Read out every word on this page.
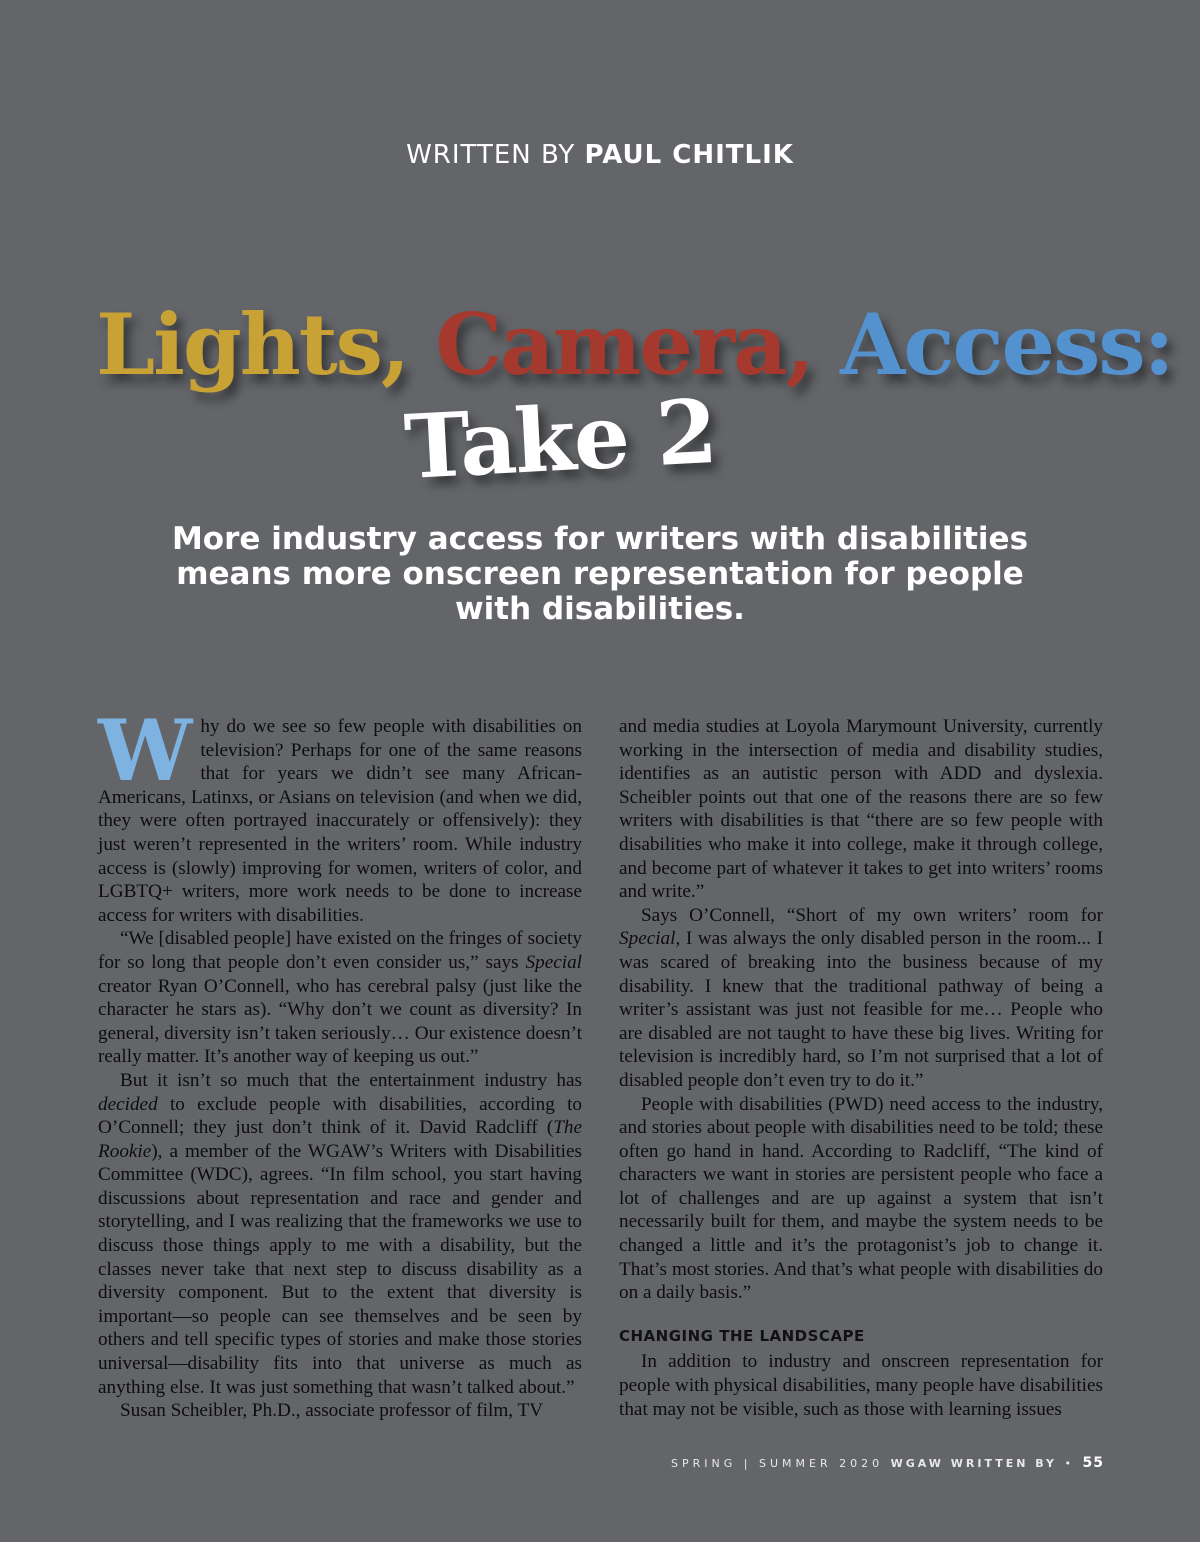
WRITTEN BY PAUL CHITLIK
Lights, Camera, Access:
Take 2
More industry access for writers with disabilities means more onscreen representation for people with disabilities.

Why do we see so few people with disabilities on television? Perhaps for one of the same reasons that for years we didn’t see many African-Americans, Latinxs, or Asians on television (and when we did, they were often portrayed inaccurately or offensively): they just weren’t represented in the writers’ room. While industry access is (slowly) improving for women, writers of color, and LGBTQ+ writers, more work needs to be done to increase access for writers with disabilities.

“We [disabled people] have existed on the fringes of society for so long that people don’t even consider us,” says Special creator Ryan O’Connell, who has cerebral palsy (just like the character he stars as). “Why don’t we count as diversity? In general, diversity isn’t taken seriously… Our existence doesn’t really matter. It’s another way of keeping us out.”

But it isn’t so much that the entertainment industry has decided to exclude people with disabilities, according to O’Connell; they just don’t think of it. David Radcliff (The Rookie), a member of the WGAW’s Writers with Disabilities Committee (WDC), agrees. “In film school, you start having discussions about representation and race and gender and storytelling, and I was realizing that the frameworks we use to discuss those things apply to me with a disability, but the classes never take that next step to discuss disability as a diversity component. But to the extent that diversity is important—so people can see themselves and be seen by others and tell specific types of stories and make those stories universal—disability fits into that universe as much as anything else. It was just something that wasn’t talked about.”

Susan Scheibler, Ph.D., associate professor of film, TV

and media studies at Loyola Marymount University, currently working in the intersection of media and disability studies, identifies as an autistic person with ADD and dyslexia. Scheibler points out that one of the reasons there are so few writers with disabilities is that “there are so few people with disabilities who make it into college, make it through college, and become part of whatever it takes to get into writers’ rooms and write.”

Says O’Connell, “Short of my own writers’ room for Special, I was always the only disabled person in the room... I was scared of breaking into the business because of my disability. I knew that the traditional pathway of being a writer’s assistant was just not feasible for me… People who are disabled are not taught to have these big lives. Writing for television is incredibly hard, so I’m not surprised that a lot of disabled people don’t even try to do it.”

People with disabilities (PWD) need access to the industry, and stories about people with disabilities need to be told; these often go hand in hand. According to Radcliff, “The kind of characters we want in stories are persistent people who face a lot of challenges and are up against a system that isn’t necessarily built for them, and maybe the system needs to be changed a little and it’s the protagonist’s job to change it. That’s most stories. And that’s what people with disabilities do on a daily basis.”

CHANGING THE LANDSCAPE

In addition to industry and onscreen representation for people with physical disabilities, many people have disabilities that may not be visible, such as those with learning issues

SPRING | SUMMER 2020 WGAW WRITTEN BY • 55
